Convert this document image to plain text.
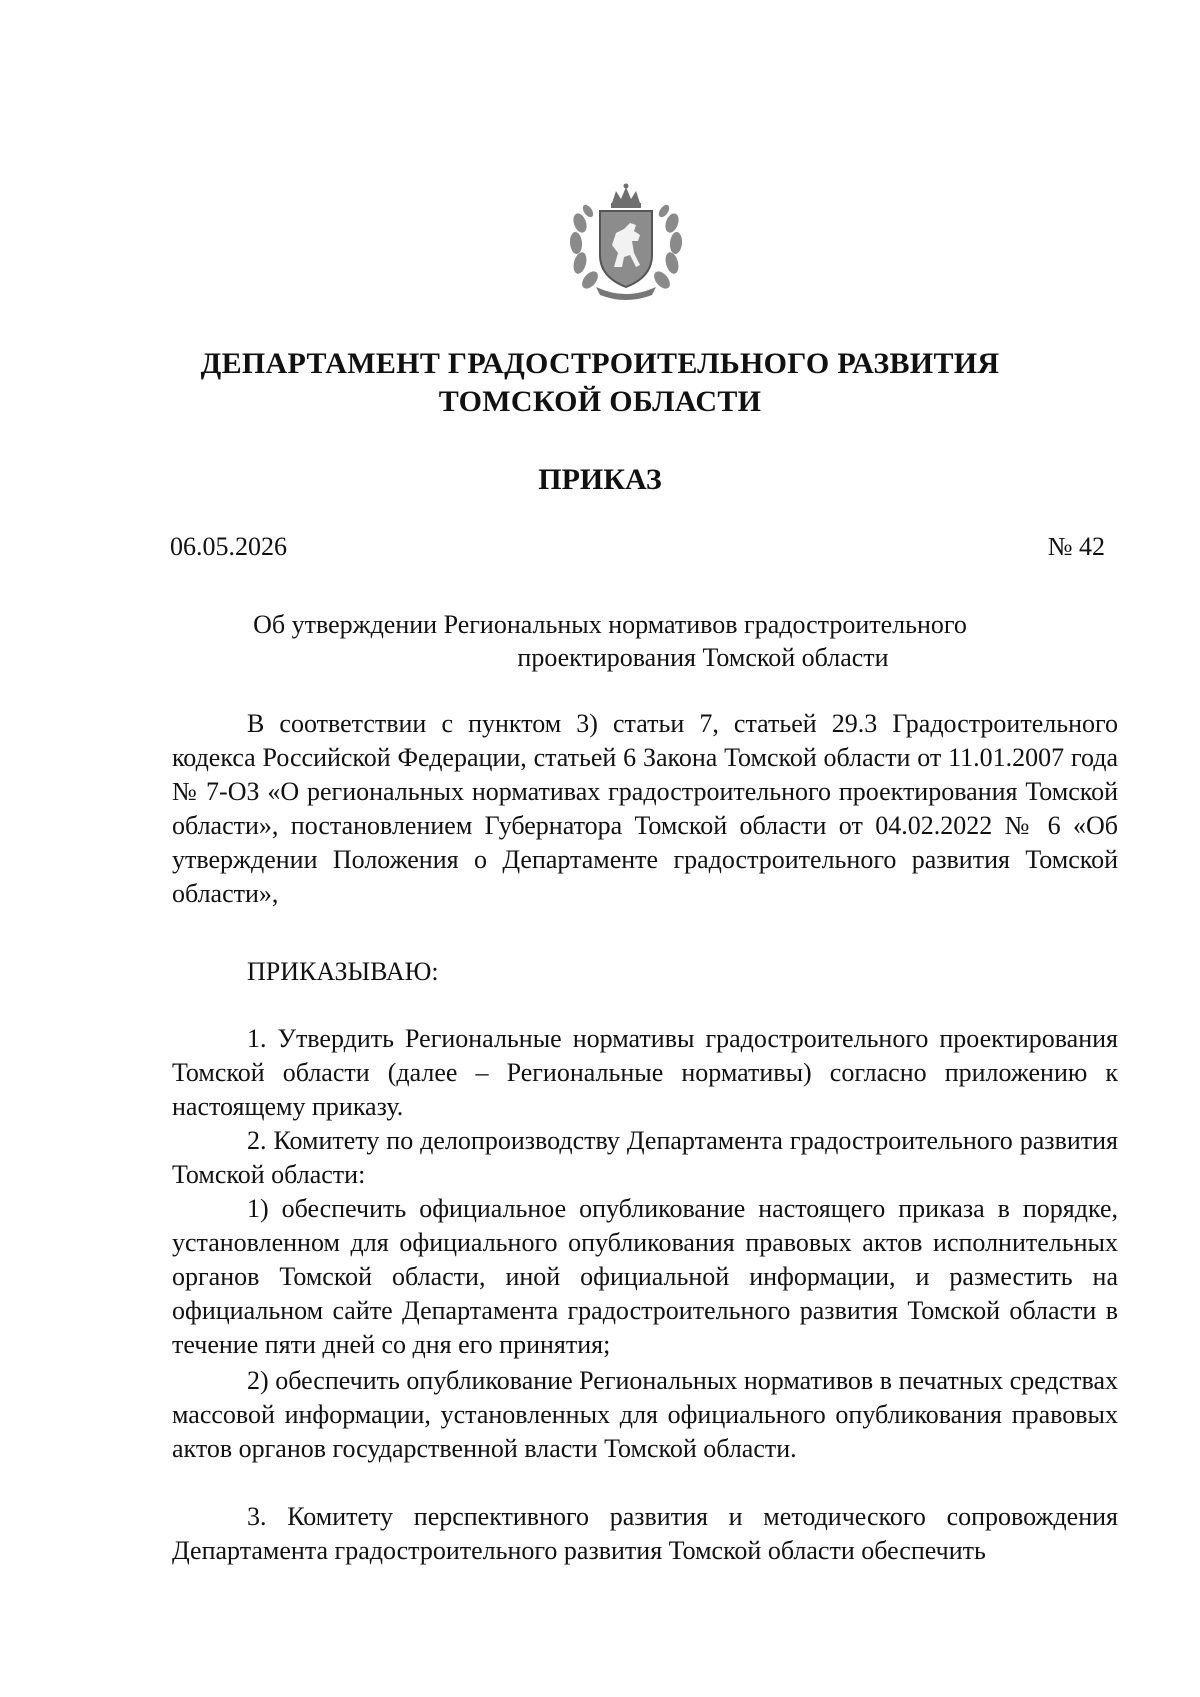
ДЕПАРТАМЕНТ ГРАДОСТРОИТЕЛЬНОГО РАЗВИТИЯ
ТОМСКОЙ ОБЛАСТИ
ПРИКАЗ
06.05.2026	№ 42
Об утверждении Региональных нормативов градостроительного
проектирования Томской области

В соответствии с пунктом 3) статьи 7, статьей 29.3 Градостроительного кодекса Российской Федерации, статьей 6 Закона Томской области от 11.01.2007 года № 7-ОЗ «О региональных нормативах градостроительного проектирования Томской области», постановлением Губернатора Томской области от 04.02.2022 № 6 «Об утверждении Положения о Департаменте градостроительного развития Томской области»,

ПРИКАЗЫВАЮ:

1. Утвердить Региональные нормативы градостроительного проектирования Томской области (далее – Региональные нормативы) согласно приложению к настоящему приказу.

2. Комитету по делопроизводству Департамента градостроительного развития Томской области:

1) обеспечить официальное опубликование настоящего приказа в порядке, установленном для официального опубликования правовых актов исполнительных органов Томской области, иной официальной информации, и разместить на официальном сайте Департамента градостроительного развития Томской области в течение пяти дней со дня его принятия;

2) обеспечить опубликование Региональных нормативов в печатных средствах массовой информации, установленных для официального опубликования правовых актов органов государственной власти Томской области.

3. Комитету перспективного развития и методического сопровождения Департамента градостроительного развития Томской области обеспечить
